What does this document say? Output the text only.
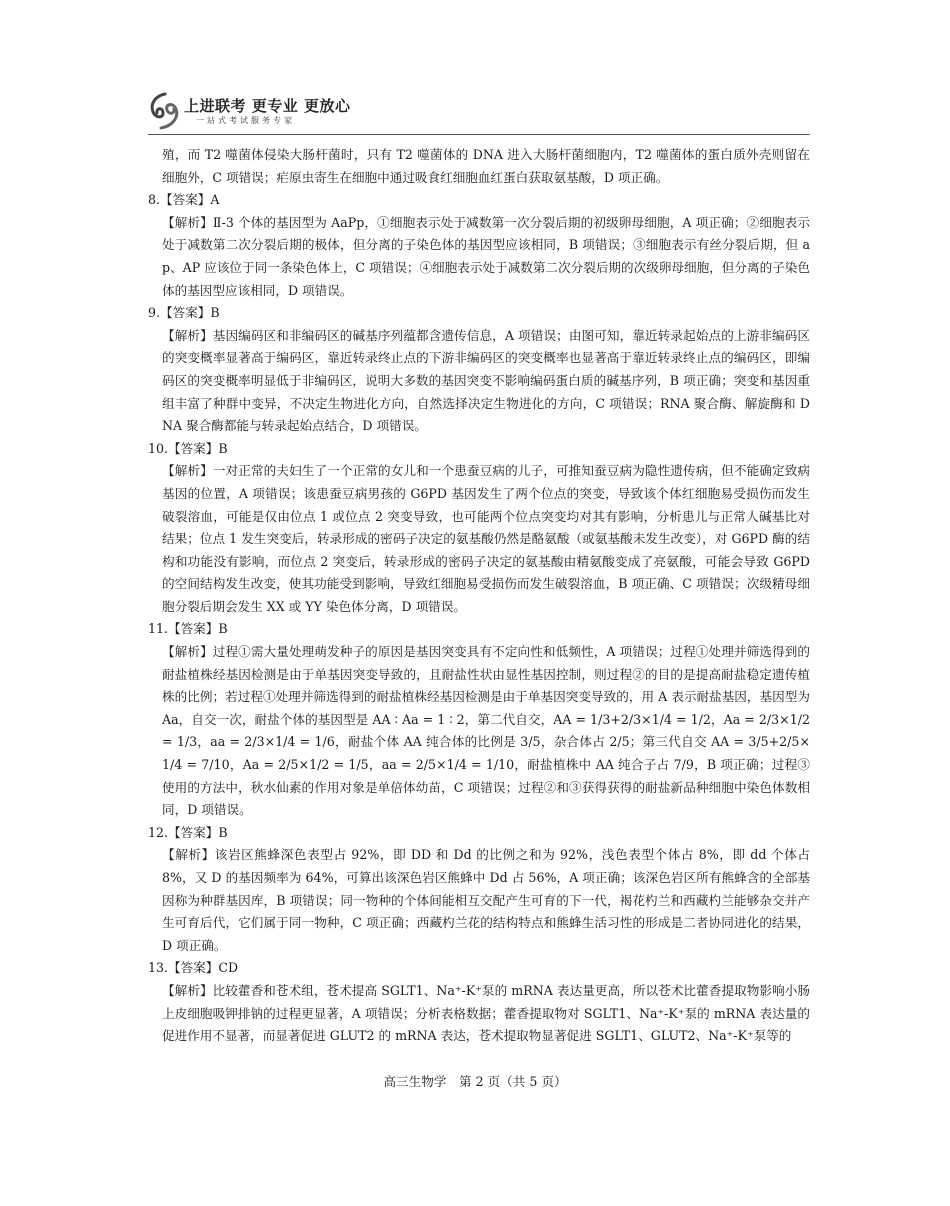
上进联考 更专业 更放心
一站式考试服务专家

殖，而 T2 噬菌体侵染大肠杆菌时，只有 T2 噬菌体的 DNA 进入大肠杆菌细胞内，T2 噬菌体的蛋白质外壳则留在细胞外，C 项错误；疟原虫寄生在细胞中通过吸食红细胞血红蛋白获取氨基酸，D 项正确。

8.【答案】A

【解析】Ⅱ-3 个体的基因型为 AaPp，①细胞表示处于减数第一次分裂后期的初级卵母细胞，A 项正确；②细胞表示处于减数第二次分裂后期的极体，但分离的子染色体的基因型应该相同，B 项错误；③细胞表示有丝分裂后期，但 ap、AP 应该位于同一条染色体上，C 项错误；④细胞表示处于减数第二次分裂后期的次级卵母细胞，但分离的子染色体的基因型应该相同，D 项错误。

9.【答案】B

【解析】基因编码区和非编码区的碱基序列蕴都含遗传信息，A 项错误；由图可知，靠近转录起始点的上游非编码区的突变概率显著高于编码区，靠近转录终止点的下游非编码区的突变概率也显著高于靠近转录终止点的编码区，即编码区的突变概率明显低于非编码区，说明大多数的基因突变不影响编码蛋白质的碱基序列，B 项正确；突变和基因重组丰富了种群中变异，不决定生物进化方向，自然选择决定生物进化的方向，C 项错误；RNA 聚合酶、解旋酶和 DNA 聚合酶都能与转录起始点结合，D 项错误。

10.【答案】B

【解析】一对正常的夫妇生了一个正常的女儿和一个患蚕豆病的儿子，可推知蚕豆病为隐性遗传病，但不能确定致病基因的位置，A 项错误；该患蚕豆病男孩的 G6PD 基因发生了两个位点的突变，导致该个体红细胞易受损伤而发生破裂溶血，可能是仅由位点 1 或位点 2 突变导致，也可能两个位点突变均对其有影响，分析患儿与正常人碱基比对结果；位点 1 发生突变后，转录形成的密码子决定的氨基酸仍然是酪氨酸（或氨基酸未发生改变），对 G6PD 酶的结构和功能没有影响，而位点 2 突变后，转录形成的密码子决定的氨基酸由精氨酸变成了亮氨酸，可能会导致 G6PD 的空间结构发生改变，使其功能受到影响，导致红细胞易受损伤而发生破裂溶血，B 项正确、C 项错误；次级精母细胞分裂后期会发生 XX 或 YY 染色体分离，D 项错误。

11.【答案】B

【解析】过程①需大量处理萌发种子的原因是基因突变具有不定向性和低频性，A 项错误；过程①处理并筛选得到的耐盐植株经基因检测是由于单基因突变导致的，且耐盐性状由显性基因控制，则过程②的目的是提高耐盐稳定遗传植株的比例；若过程①处理并筛选得到的耐盐植株经基因检测是由于单基因突变导致的，用 A 表示耐盐基因，基因型为 Aa，自交一次，耐盐个体的基因型是 AA ∶ Aa = 1 ∶ 2，第二代自交，AA = 1/3+2/3×1/4 = 1/2，Aa = 2/3×1/2 = 1/3，aa = 2/3×1/4 = 1/6，耐盐个体 AA 纯合体的比例是 3/5，杂合体占 2/5；第三代自交 AA = 3/5+2/5×1/4 = 7/10，Aa = 2/5×1/2 = 1/5，aa = 2/5×1/4 = 1/10，耐盐植株中 AA 纯合子占 7/9，B 项正确；过程③使用的方法中，秋水仙素的作用对象是单倍体幼苗，C 项错误；过程②和③获得获得的耐盐新品种细胞中染色体数相同，D 项错误。

12.【答案】B

【解析】该岩区熊蜂深色表型占 92%，即 DD 和 Dd 的比例之和为 92%，浅色表型个体占 8%，即 dd 个体占 8%，又 D 的基因频率为 64%，可算出该深色岩区熊蜂中 Dd 占 56%，A 项正确；该深色岩区所有熊蜂含的全部基因称为种群基因库，B 项错误；同一物种的个体间能相互交配产生可育的下一代，褐花杓兰和西藏杓兰能够杂交并产生可育后代，它们属于同一物种，C 项正确；西藏杓兰花的结构特点和熊蜂生活习性的形成是二者协同进化的结果，D 项正确。

13.【答案】CD

【解析】比较藿香和苍术组，苍术提高 SGLT1、Na⁺-K⁺泵的 mRNA 表达量更高，所以苍术比藿香提取物影响小肠上皮细胞吸钾排钠的过程更显著，A 项错误；分析表格数据；藿香提取物对 SGLT1、Na⁺-K⁺泵的 mRNA 表达量的促进作用不显著，而显著促进 GLUT2 的 mRNA 表达，苍术提取物显著促进 SGLT1、GLUT2、Na⁺-K⁺泵等的

高三生物学　第 2 页（共 5 页）
